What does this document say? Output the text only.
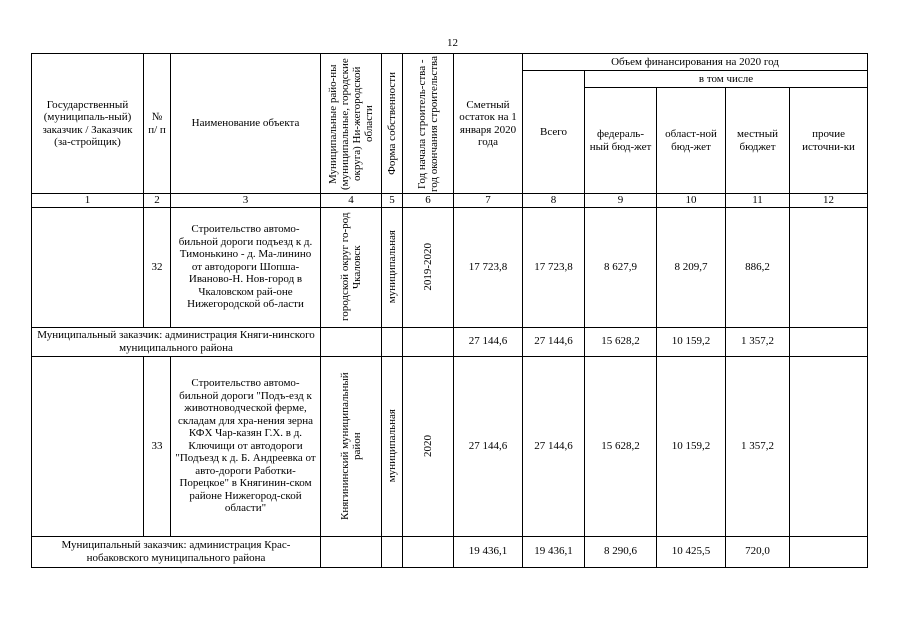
12
Государственный (муниципаль-ный) заказчик / Заказчик (за-стройщик)	№ п/ п	Наименование объекта	Муниципальные райо-ны (муниципальные, городские округа) Ни-жегородской области	Форма собственности	Год начала строитель-ства - год окончания строительства	Сметный остаток на 1 января 2020 года	Объем финансирования на 2020 год				
							Всего	в том числе			
								федераль-ный бюд-жет	област-ной бюд-жет	местный бюджет	прочие источни-ки
1	2	3	4	5	6	7	8	9	10	11	12
	32	Строительство автомо-бильной дороги подъезд к д. Тимонькино - д. Ма-линино от автодороги Шопша-Иваново-Н. Нов-город в Чкаловском рай-оне Нижегородской об-ласти	городской округ го-род Чкаловск	муниципальная	2019-2020	17 723,8	17 723,8	8 627,9	8 209,7	886,2	
Муниципальный заказчик: администрация Княги-нинского муниципального района						27 144,6	27 144,6	15 628,2	10 159,2	1 357,2	
	33	Строительство автомо-бильной дороги "Подъ-езд к животноводческой ферме, складам для хра-нения зерна КФХ Чар-казян Г.Х. в д. Ключищи от автодороги "Подъезд к д. Б. Андреевка от авто-дороги Работки-Порецкое" в Княгинин-ском районе Нижегород-ской области"	Княгининский муниципальный район	муниципальная	2020	27 144,6	27 144,6	15 628,2	10 159,2	1 357,2	
Муниципальный заказчик: администрация Крас-нобаковского муниципального района						19 436,1	19 436,1	8 290,6	10 425,5	720,0	
